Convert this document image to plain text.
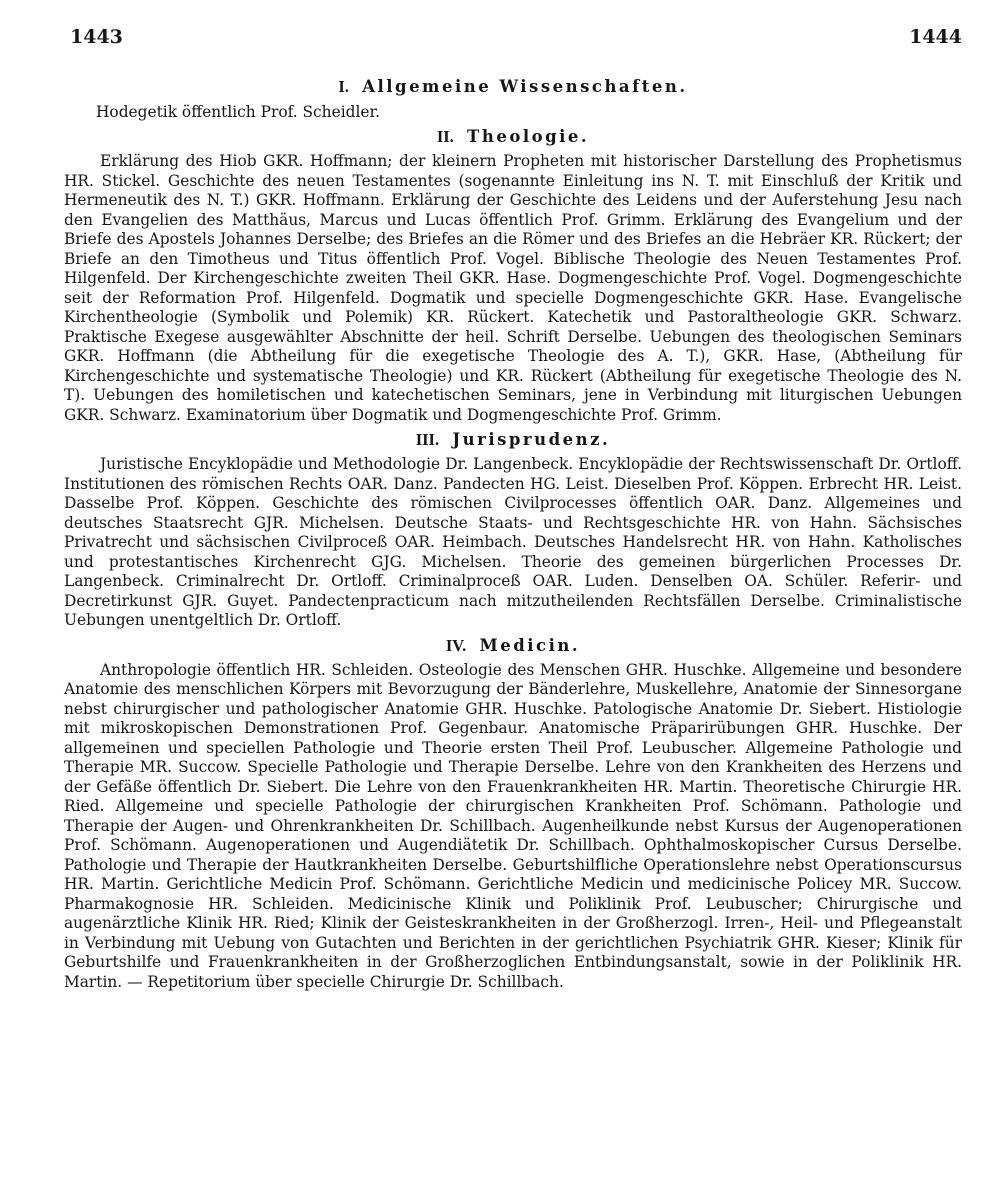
1443	1444
I. Allgemeine Wissenschaften.

Hodegetik öffentlich Prof. Scheidler.

II. Theologie.

Erklärung des Hiob GKR. Hoffmann; der kleinern Propheten mit historischer Darstellung des Prophetismus HR. Stickel. Geschichte des neuen Testamentes (sogenannte Einleitung ins N. T. mit Einschluß der Kritik und Hermeneutik des N. T.) GKR. Hoffmann. Erklärung der Geschichte des Leidens und der Auferstehung Jesu nach den Evangelien des Matthäus, Marcus und Lucas öffentlich Prof. Grimm. Erklärung des Evangelium und der Briefe des Apostels Johannes Derselbe; des Briefes an die Römer und des Briefes an die Hebräer KR. Rückert; der Briefe an den Timotheus und Titus öffentlich Prof. Vogel. Biblische Theologie des Neuen Testamentes Prof. Hilgenfeld. Der Kirchengeschichte zweiten Theil GKR. Hase. Dogmengeschichte Prof. Vogel. Dogmengeschichte seit der Reformation Prof. Hilgenfeld. Dogmatik und specielle Dogmengeschichte GKR. Hase. Evangelische Kirchentheologie (Symbolik und Polemik) KR. Rückert. Katechetik und Pastoraltheologie GKR. Schwarz. Praktische Exegese ausgewählter Abschnitte der heil. Schrift Derselbe. Uebungen des theologischen Seminars GKR. Hoffmann (die Abtheilung für die exegetische Theologie des A. T.), GKR. Hase, (Abtheilung für Kirchengeschichte und systematische Theologie) und KR. Rückert (Abtheilung für exegetische Theologie des N. T). Uebungen des homiletischen und katechetischen Seminars, jene in Verbindung mit liturgischen Uebungen GKR. Schwarz. Examinatorium über Dogmatik und Dogmengeschichte Prof. Grimm.

III. Jurisprudenz.

Juristische Encyklopädie und Methodologie Dr. Langenbeck. Encyklopädie der Rechtswissenschaft Dr. Ortloff. Institutionen des römischen Rechts OAR. Danz. Pandecten HG. Leist. Dieselben Prof. Köppen. Erbrecht HR. Leist. Dasselbe Prof. Köppen. Geschichte des römischen Civilprocesses öffentlich OAR. Danz. Allgemeines und deutsches Staatsrecht GJR. Michelsen. Deutsche Staats- und Rechtsgeschichte HR. von Hahn. Sächsisches Privatrecht und sächsischen Civilproceß OAR. Heimbach. Deutsches Handelsrecht HR. von Hahn. Katholisches und protestantisches Kirchenrecht GJG. Michelsen. Theorie des gemeinen bürgerlichen Processes Dr. Langenbeck. Criminalrecht Dr. Ortloff. Criminalproceß OAR. Luden. Denselben OA. Schüler. Referir- und Decretirkunst GJR. Guyet. Pandectenpracticum nach mitzutheilenden Rechtsfällen Derselbe. Criminalistische Uebungen unentgeltlich Dr. Ortloff.

IV. Medicin.

Anthropologie öffentlich HR. Schleiden. Osteologie des Menschen GHR. Huschke. Allgemeine und besondere Anatomie des menschlichen Körpers mit Bevorzugung der Bänderlehre, Muskellehre, Anatomie der Sinnesorgane nebst chirurgischer und pathologischer Anatomie GHR. Huschke. Patologische Anatomie Dr. Siebert. Histiologie mit mikroskopischen Demonstrationen Prof. Gegenbaur. Anatomische Präparirübungen GHR. Huschke. Der allgemeinen und speciellen Pathologie und Theorie ersten Theil Prof. Leubuscher. Allgemeine Pathologie und Therapie MR. Succow. Specielle Pathologie und Therapie Derselbe. Lehre von den Krankheiten des Herzens und der Gefäße öffentlich Dr. Siebert. Die Lehre von den Frauenkrankheiten HR. Martin. Theoretische Chirurgie HR. Ried. Allgemeine und specielle Pathologie der chirurgischen Krankheiten Prof. Schömann. Pathologie und Therapie der Augen- und Ohrenkrankheiten Dr. Schillbach. Augenheilkunde nebst Kursus der Augenoperationen Prof. Schömann. Augenoperationen und Augendiätetik Dr. Schillbach. Ophthalmoskopischer Cursus Derselbe. Pathologie und Therapie der Hautkrankheiten Derselbe. Geburtshilfliche Operationslehre nebst Operationscursus HR. Martin. Gerichtliche Medicin Prof. Schömann. Gerichtliche Medicin und medicinische Policey MR. Succow. Pharmakognosie HR. Schleiden. Medicinische Klinik und Poliklinik Prof. Leubuscher; Chirurgische und augenärztliche Klinik HR. Ried; Klinik der Geisteskrankheiten in der Großherzogl. Irren-, Heil- und Pflegeanstalt in Verbindung mit Uebung von Gutachten und Berichten in der gerichtlichen Psychiatrik GHR. Kieser; Klinik für Geburtshilfe und Frauenkrankheiten in der Großherzoglichen Entbindungsanstalt, sowie in der Poliklinik HR. Martin. — Repetitorium über specielle Chirurgie Dr. Schillbach.
